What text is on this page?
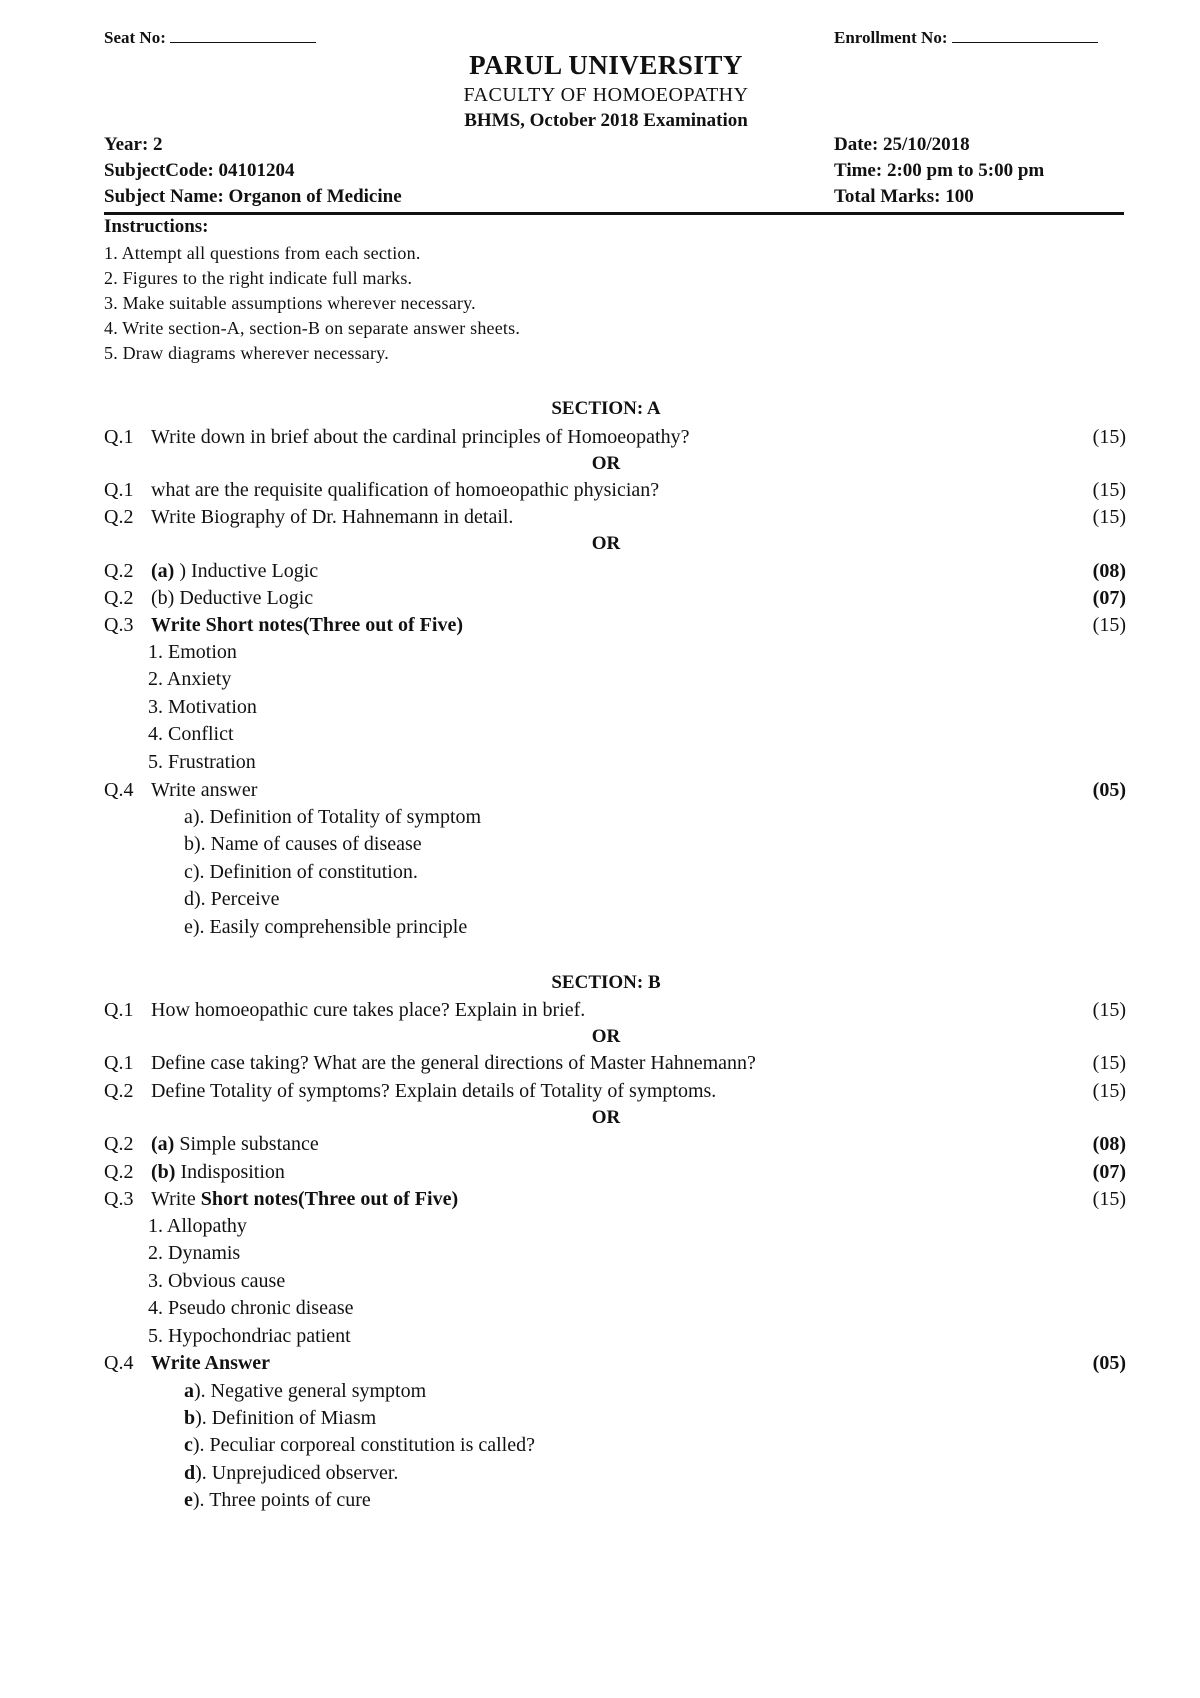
Seat No:	Enrollment No:
PARUL UNIVERSITY
FACULTY OF HOMOEOPATHY
BHMS, October 2018 Examination
Year: 2
SubjectCode: 04101204
Subject Name: Organon of Medicine
Date: 25/10/2018
Time: 2:00 pm to 5:00 pm
Total Marks: 100
Instructions:
1. Attempt all questions from each section.
2. Figures to the right indicate full marks.
3. Make suitable assumptions wherever necessary.
4. Write section-A, section-B on separate answer sheets.
5. Draw diagrams wherever necessary.
SECTION: A
Q.1 Write down in brief about the cardinal principles of Homoeopathy?	(15)
OR
Q.1 what are the requisite qualification of homoeopathic physician?	(15)
Q.2 Write Biography of Dr. Hahnemann in detail.	(15)
OR
Q.2 (a) ) Inductive Logic	(08)
Q.2 (b) Deductive Logic	(07)
Q.3 Write Short notes(Three out of Five)	(15)
1. Emotion
2. Anxiety
3. Motivation
4. Conflict
5. Frustration
Q.4 Write answer	(05)
a). Definition of Totality of symptom
b). Name of causes of disease
c). Definition of constitution.
d). Perceive
e). Easily comprehensible principle
SECTION: B
Q.1 How homoeopathic cure takes place? Explain in brief.	(15)
OR
Q.1 Define case taking? What are the general directions of Master Hahnemann?	(15)
Q.2 Define Totality of symptoms? Explain details of Totality of symptoms.	(15)
OR
Q.2 (a) Simple substance	(08)
Q.2 (b) Indisposition	(07)
Q.3 Write Short notes(Three out of Five)	(15)
1. Allopathy
2. Dynamis
3. Obvious cause
4. Pseudo chronic disease
5. Hypochondriac patient
Q.4 Write Answer	(05)
a). Negative general symptom
b). Definition of Miasm
c). Peculiar corporeal constitution is called?
d). Unprejudiced observer.
e). Three points of cure
